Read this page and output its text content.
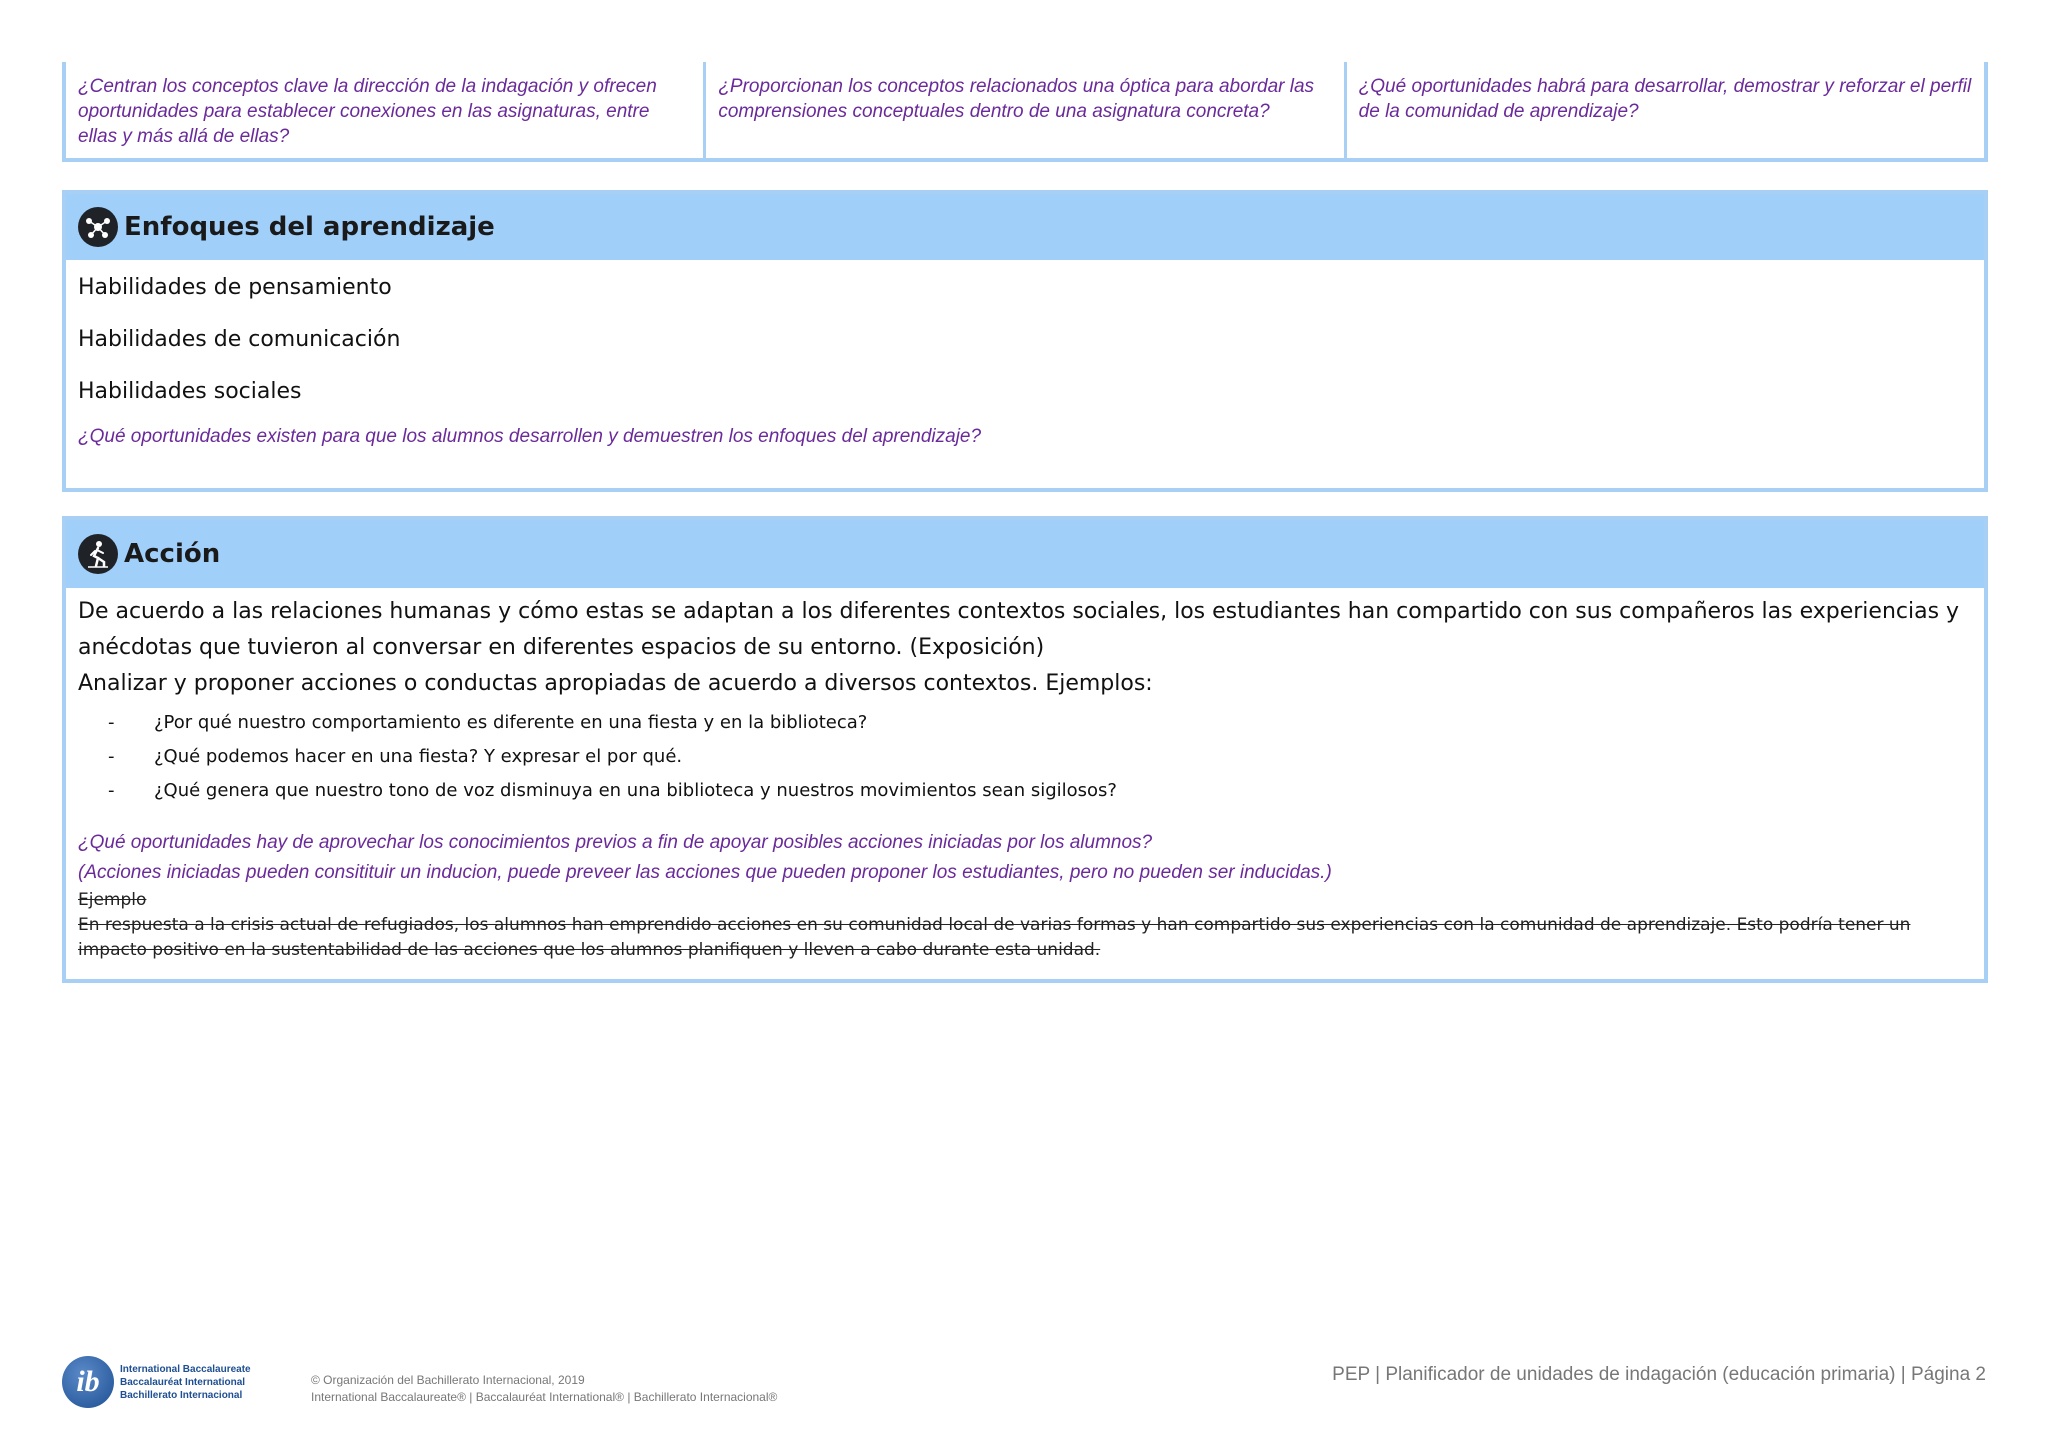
¿Centran los conceptos clave la dirección de la indagación y ofrecen oportunidades para establecer conexiones en las asignaturas, entre ellas y más allá de ellas?
¿Proporcionan los conceptos relacionados una óptica para abordar las comprensiones conceptuales dentro de una asignatura concreta?
¿Qué oportunidades habrá para desarrollar, demostrar y reforzar el perfil de la comunidad de aprendizaje?
Enfoques del aprendizaje

Habilidades de pensamiento

Habilidades de comunicación

Habilidades sociales

¿Qué oportunidades existen para que los alumnos desarrollen y demuestren los enfoques del aprendizaje?

Acción
De acuerdo a las relaciones humanas y cómo estas se adaptan a los diferentes contextos sociales, los estudiantes han compartido con sus compañeros las experiencias y anécdotas que tuvieron al conversar en diferentes espacios de su entorno. (Exposición)
Analizar y proponer acciones o conductas apropiadas de acuerdo a diversos contextos. Ejemplos:
-	¿Por qué nuestro comportamiento es diferente en una fiesta y en la biblioteca?
-	¿Qué podemos hacer en una fiesta? Y expresar el por qué.
-	¿Qué genera que nuestro tono de voz disminuya en una biblioteca y nuestros movimientos sean sigilosos?
¿Qué oportunidades hay de aprovechar los conocimientos previos a fin de apoyar posibles acciones iniciadas por los alumnos?
(Acciones iniciadas pueden consitituir un inducion, puede preveer las acciones que pueden proponer los estudiantes, pero no pueden ser inducidas.)
Ejemplo
En respuesta a la crisis actual de refugiados, los alumnos han emprendido acciones en su comunidad local de varias formas y han compartido sus experiencias con la comunidad de aprendizaje. Esto podría tener un impacto positivo en la sustentabilidad de las acciones que los alumnos planifiquen y lleven a cabo durante esta unidad.
ib	International Baccalaureate
Baccalauréat International
Bachillerato Internacional
© Organización del Bachillerato Internacional, 2019
International Baccalaureate® | Baccalauréat International® | Bachillerato Internacional®
PEP | Planificador de unidades de indagación (educación primaria) | Página 2
